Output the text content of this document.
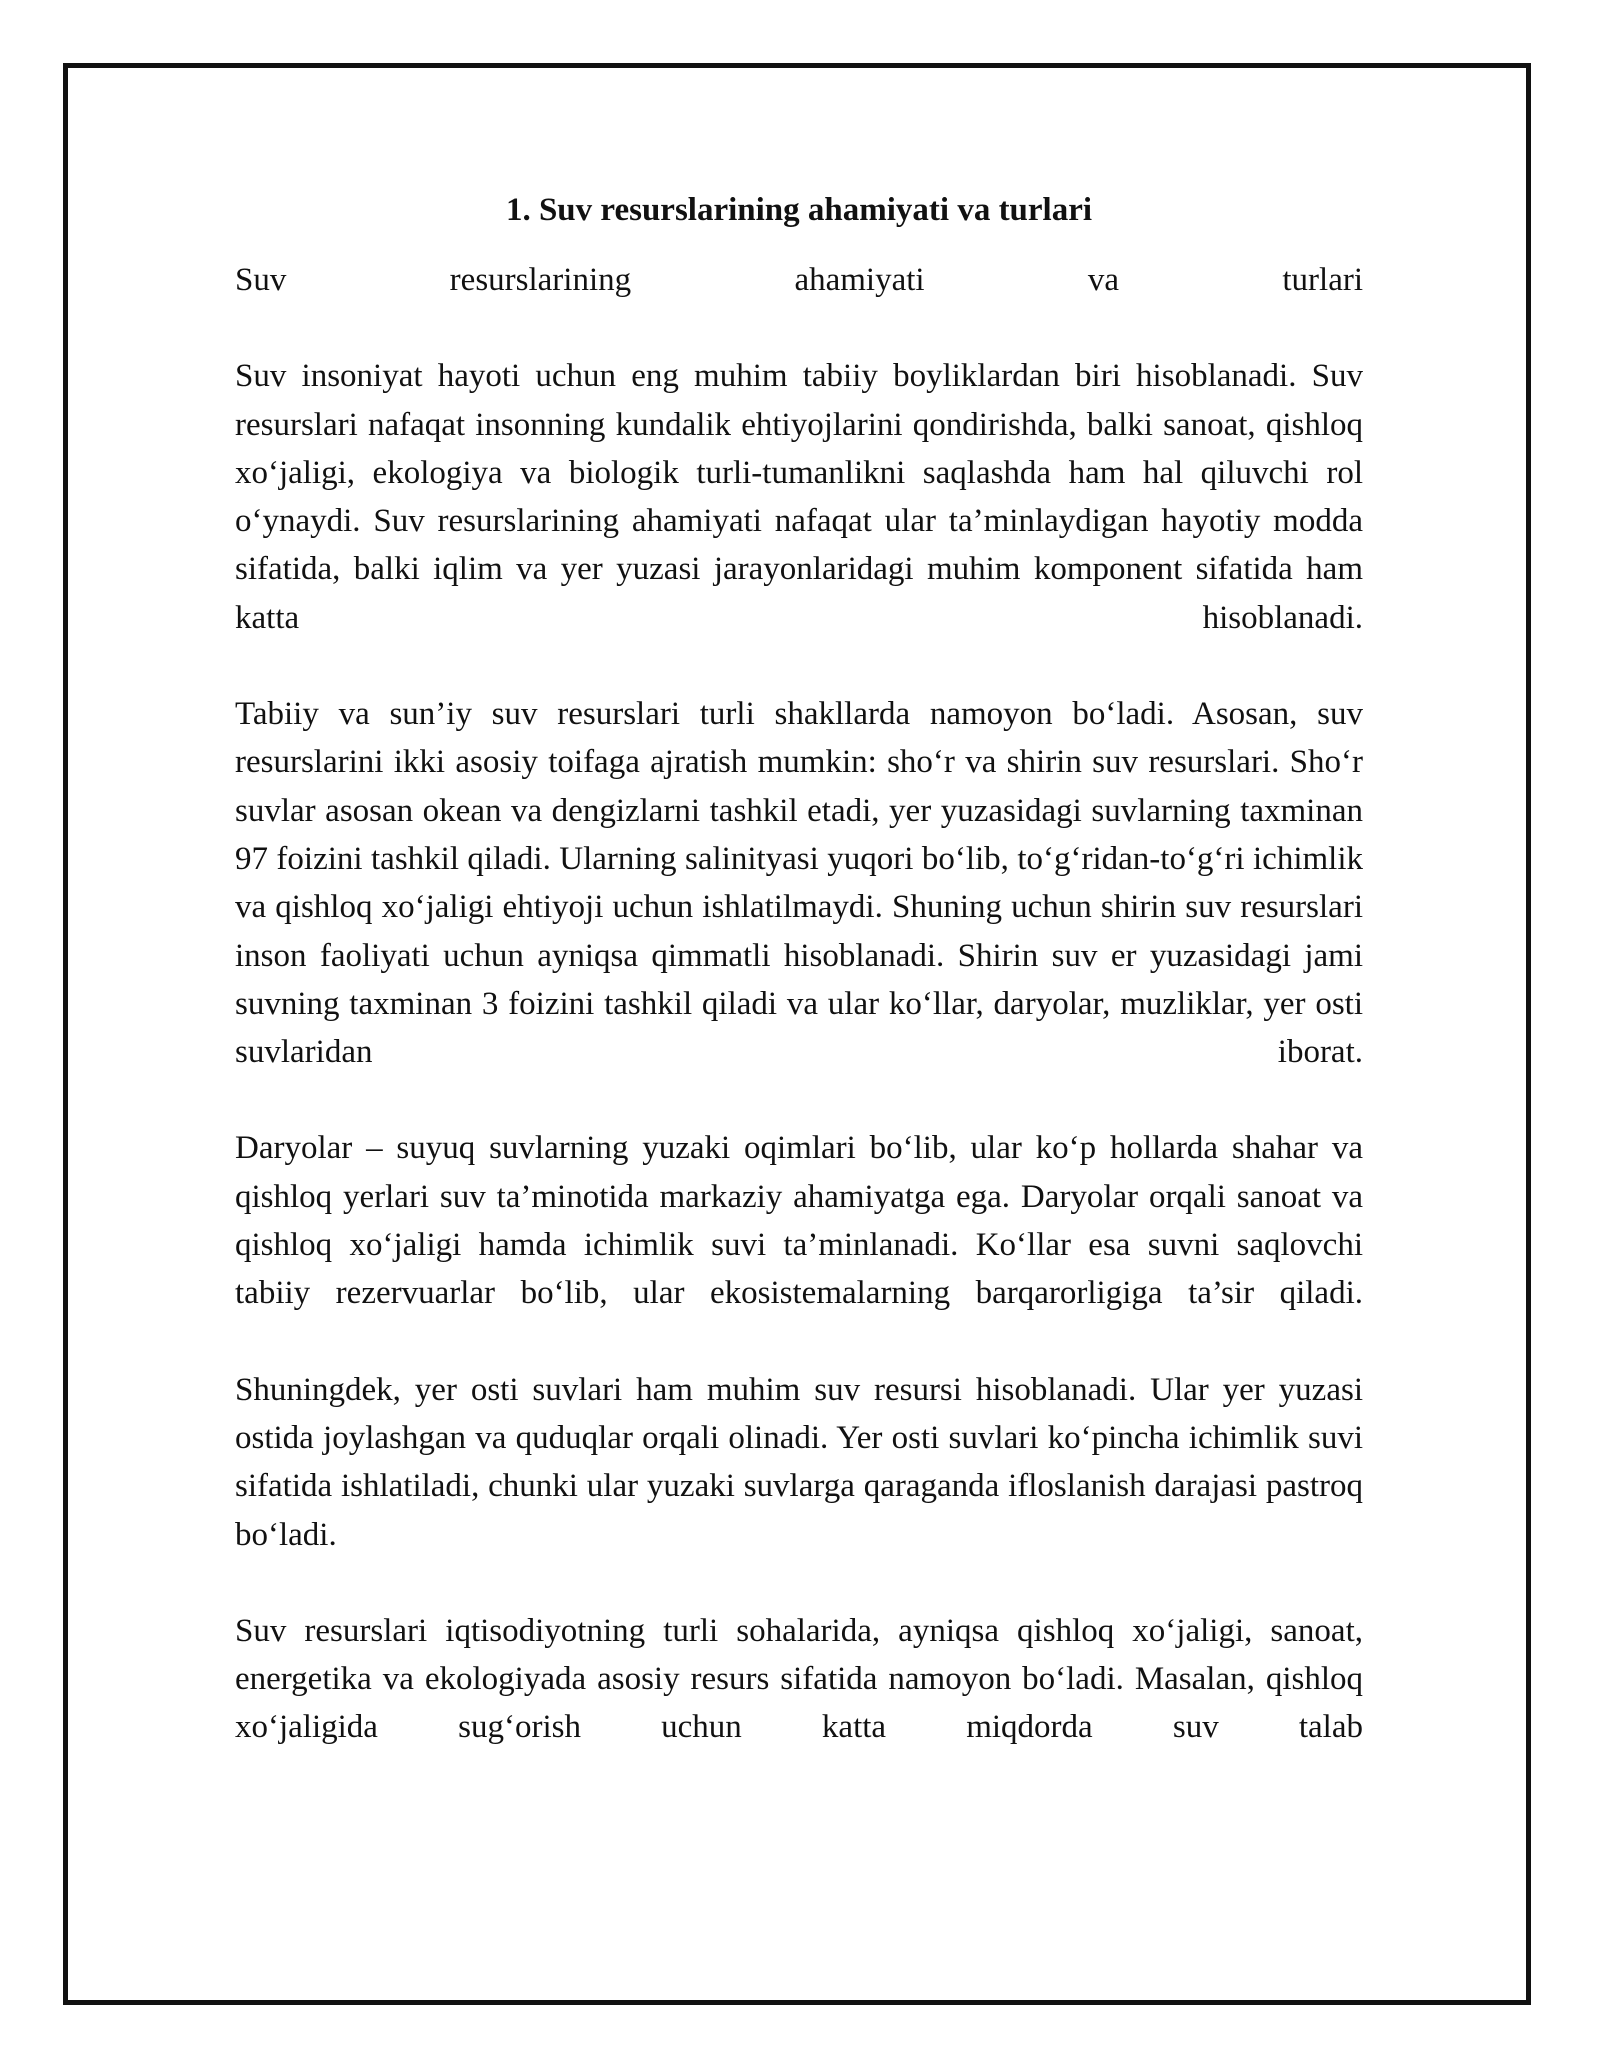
1. Suv resurslarining ahamiyati va turlari

Suv resurslarining ahamiyati va turlari

Suv insoniyat hayoti uchun eng muhim tabiiy boyliklardan biri hisoblanadi. Suv resurslari nafaqat insonning kundalik ehtiyojlarini qondirishda, balki sanoat, qishloq xo‘jaligi, ekologiya va biologik turli-tumanlikni saqlashda ham hal qiluvchi rol o‘ynaydi. Suv resurslarining ahamiyati nafaqat ular ta’minlaydigan hayotiy modda sifatida, balki iqlim va yer yuzasi jarayonlaridagi muhim komponent sifatida ham katta hisoblanadi.

Tabiiy va sun’iy suv resurslari turli shakllarda namoyon bo‘ladi. Asosan, suv resurslarini ikki asosiy toifaga ajratish mumkin: sho‘r va shirin suv resurslari. Sho‘r suvlar asosan okean va dengizlarni tashkil etadi, yer yuzasidagi suvlarning taxminan 97 foizini tashkil qiladi. Ularning salinityasi yuqori bo‘lib, to‘g‘ridan-to‘g‘ri ichimlik va qishloq xo‘jaligi ehtiyoji uchun ishlatilmaydi. Shuning uchun shirin suv resurslari inson faoliyati uchun ayniqsa qimmatli hisoblanadi. Shirin suv er yuzasidagi jami suvning taxminan 3 foizini tashkil qiladi va ular ko‘llar, daryolar, muzliklar, yer osti suvlaridan iborat.

Daryolar – suyuq suvlarning yuzaki oqimlari bo‘lib, ular ko‘p hollarda shahar va qishloq yerlari suv ta’minotida markaziy ahamiyatga ega. Daryolar orqali sanoat va qishloq xo‘jaligi hamda ichimlik suvi ta’minlanadi. Ko‘llar esa suvni saqlovchi tabiiy rezervuarlar bo‘lib, ular ekosistemalarning barqarorligiga ta’sir qiladi.

Shuningdek, yer osti suvlari ham muhim suv resursi hisoblanadi. Ular yer yuzasi ostida joylashgan va quduqlar orqali olinadi. Yer osti suvlari ko‘pincha ichimlik suvi sifatida ishlatiladi, chunki ular yuzaki suvlarga qaraganda ifloslanish darajasi pastroq bo‘ladi.

Suv resurslari iqtisodiyotning turli sohalarida, ayniqsa qishloq xo‘jaligi, sanoat, energetika va ekologiyada asosiy resurs sifatida namoyon bo‘ladi. Masalan, qishloq xo‘jaligida sug‘orish uchun katta miqdorda suv talab
